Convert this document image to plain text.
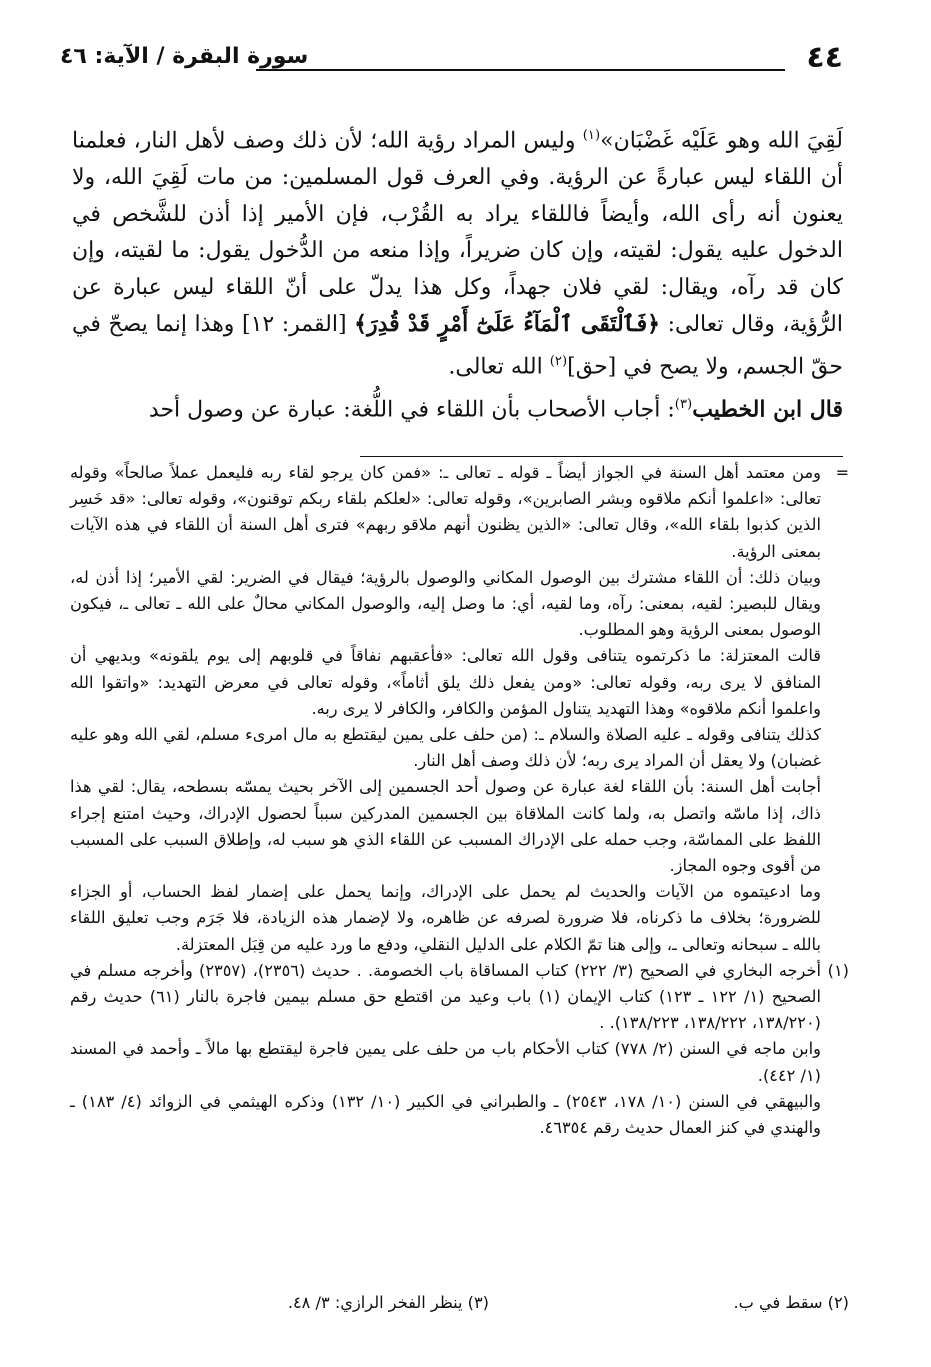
٤٤
سورة البقرة / الآية: ٤٦

لَقِيَ الله وهو عَلَيْه غَضْبَان»$^{(١)}$ وليس المراد رؤية الله؛ لأن ذلك وصف لأهل النار، فعلمنا أن اللقاء ليس عبارةً عن الرؤية. وفي العرف قول المسلمين: من مات لَقِيَ الله، ولا يعنون أنه رأى الله، وأيضاً فاللقاء يراد به القُرْب، فإن الأمير إذا أذن للشَّخص في الدخول عليه يقول: لقيته، وإن كان ضريراً، وإذا منعه من الدُّخول يقول: ما لقيته، وإن كان قد رآه، ويقال: لقي فلان جهداً، وكل هذا يدلّ على أنّ اللقاء ليس عبارة عن الرُّؤية، وقال تعالى: ﴿فَٱلْتَقَى ٱلْمَآءُ عَلَىٰٓ أَمْرٍ قَدْ قُدِرَ﴾ [القمر: ١٢] وهذا إنما يصحّ في حقّ الجسم، ولا يصح في [حق]$^{(٢)}$ الله تعالى.

قال ابن الخطيب$^{(٣)}$: أجاب الأصحاب بأن اللقاء في اللُّغة: عبارة عن وصول أحد

=

ومن معتمد أهل السنة في الجواز أيضاً ـ قوله ـ تعالى ـ: «فمن كان يرجو لقاء ربه فليعمل عملاً صالحاً» وقوله تعالى: «اعلموا أنكم ملاقوه وبشر الصابرين»، وقوله تعالى: «لعلكم بلقاء ربكم توقنون»، وقوله تعالى: «قد خَسِر الذين كذبوا بلقاء الله»، وقال تعالى: «الذين يظنون أنهم ملاقو ربهم» فترى أهل السنة أن اللقاء في هذه الآيات بمعنى الرؤية.

وبيان ذلك: أن اللقاء مشترك بين الوصول المكاني والوصول بالرؤية؛ فيقال في الضرير: لقي الأمير؛ إذا أذن له، ويقال للبصير: لقيه، بمعنى: رآه، وما لقيه، أي: ما وصل إليه، والوصول المكاني محالٌ على الله ـ تعالى ـ، فيكون الوصول بمعنى الرؤية وهو المطلوب.

قالت المعتزلة: ما ذكرتموه يتنافى وقول الله تعالى: «فأعقبهم نفاقاً في قلوبهم إلى يوم يلقونه» وبديهي أن المنافق لا يرى ربه، وقوله تعالى: «ومن يفعل ذلك يلق أثاماً»، وقوله تعالى في معرض التهديد: «واتقوا الله واعلموا أنكم ملاقوه» وهذا التهديد يتناول المؤمن والكافر، والكافر لا يرى ربه.

كذلك يتنافى وقوله ـ عليه الصلاة والسلام ـ: (من حلف على يمين ليقتطع به مال امرىء مسلم، لقي الله وهو عليه غضبان) ولا يعقل أن المراد يرى ربه؛ لأن ذلك وصف أهل النار.

أجابت أهل السنة: بأن اللقاء لغة عبارة عن وصول أحد الجسمين إلى الآخر بحيث يمسّه بسطحه، يقال: لقي هذا ذاك، إذا ماسّه واتصل به، ولما كانت الملاقاة بين الجسمين المدركين سبباً لحصول الإدراك، وحيث امتنع إجراء اللفظ على المماسّة، وجب حمله على الإدراك المسبب عن اللقاء الذي هو سبب له، وإطلاق السبب على المسبب من أقوى وجوه المجاز.

وما ادعيتموه من الآيات والحديث لم يحمل على الإدراك، وإنما يحمل على إضمار لفظ الحساب، أو الجزاء للضرورة؛ بخلاف ما ذكرناه، فلا ضرورة لصرفه عن ظاهره، ولا لإضمار هذه الزيادة، فلا جَرَم وجب تعليق اللقاء بالله ـ سبحانه وتعالى ـ، وإلى هنا تمّ الكلام على الدليل النقلي، ودفع ما ورد عليه من قِبَل المعتزلة.

(١)

أخرجه البخاري في الصحيح (٣/ ٢٢٢) كتاب المساقاة باب الخصومة. . حديث (٢٣٥٦)، (٢٣٥٧) وأخرجه مسلم في الصحيح (١/ ١٢٢ ـ ١٢٣) كتاب الإيمان (١) باب وعيد من اقتطع حق مسلم بيمين فاجرة بالنار (٦١) حديث رقم (١٣٨/٢٢٠، ١٣٨/٢٢٢، ١٣٨/٢٢٣). .

وابن ماجه في السنن (٢/ ٧٧٨) كتاب الأحكام باب من حلف على يمين فاجرة ليقتطع بها مالاً ـ وأحمد في المسند (١/ ٤٤٢).

والبيهقي في السنن (١٠/ ١٧٨، ٢٥٤٣) ـ والطبراني في الكبير (١٠/ ١٣٢) وذكره الهيثمي في الزوائد (٤/ ١٨٣) ـ والهندي في كنز العمال حديث رقم ٤٦٣٥٤.

(٢) سقط في ب.
(٣) ينظر الفخر الرازي: ٣/ ٤٨.
